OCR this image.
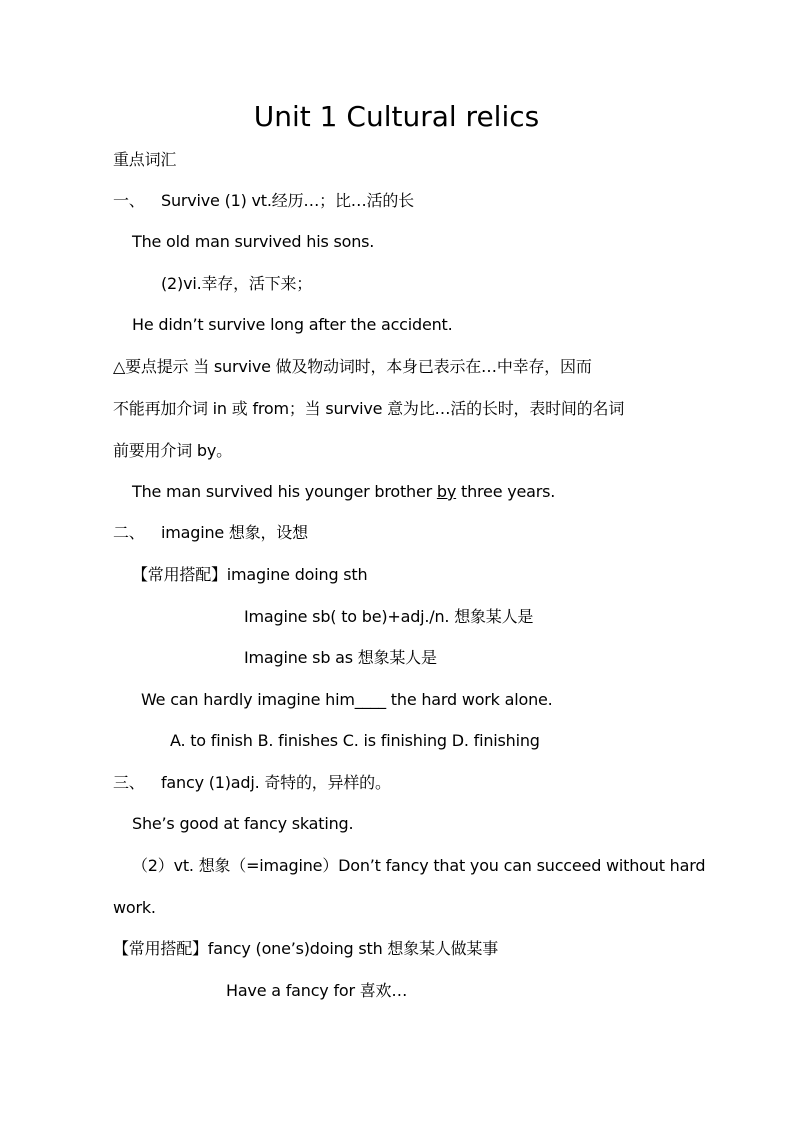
Unit 1 Cultural relics
重点词汇
一、 Survive (1) vt.经历…；比…活的长
The old man survived his sons.
(2)vi.幸存，活下来；
He didn’t survive long after the accident.
△要点提示 当 survive 做及物动词时，本身已表示在…中幸存，因而
不能再加介词 in 或 from；当 survive 意为比…活的长时，表时间的名词
前要用介词 by。
The man survived his younger brother by three years.
二、 imagine 想象，设想
【常用搭配】imagine doing sth
Imagine sb( to be)+adj./n. 想象某人是
Imagine sb as 想象某人是
We can hardly imagine him____ the hard work alone.
A. to finish B. finishes C. is finishing D. finishing
三、 fancy (1)adj. 奇特的，异样的。
She’s good at fancy skating.
（2）vt. 想象（=imagine）Don’t fancy that you can succeed without hard
work.
【常用搭配】fancy (one’s)doing sth 想象某人做某事
Have a fancy for 喜欢…
